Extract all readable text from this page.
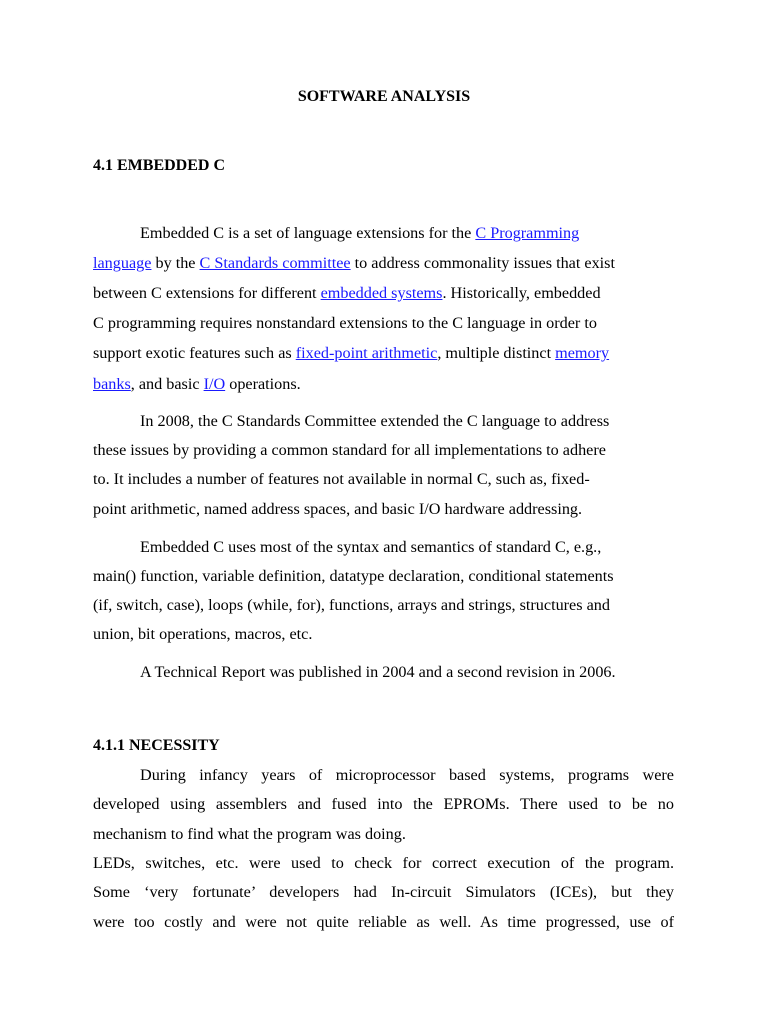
SOFTWARE ANALYSIS

4.1 EMBEDDED C

Embedded C is a set of language extensions for the C Programming

language by the C Standards committee to address commonality issues that exist

between C extensions for different embedded systems. Historically, embedded

C programming requires nonstandard extensions to the C language in order to

support exotic features such as fixed-point arithmetic, multiple distinct memory

banks, and basic I/O operations.

In 2008, the C Standards Committee extended the C language to address

these issues by providing a common standard for all implementations to adhere

to. It includes a number of features not available in normal C, such as, fixed-

point arithmetic, named address spaces, and basic I/O hardware addressing.

Embedded C uses most of the syntax and semantics of standard C, e.g.,

main() function, variable definition, datatype declaration, conditional statements

(if, switch, case), loops (while, for), functions, arrays and strings, structures and

union, bit operations, macros, etc.

A Technical Report was published in 2004 and a second revision in 2006.

4.1.1 NECESSITY

During infancy years of microprocessor based systems, programs were

developed using assemblers and fused into the EPROMs. There used to be no

mechanism to find what the program was doing.

LEDs, switches, etc. were used to check for correct execution of the program.

Some ‘very fortunate’ developers had In-circuit Simulators (ICEs), but they

were too costly and were not quite reliable as well. As time progressed, use of
